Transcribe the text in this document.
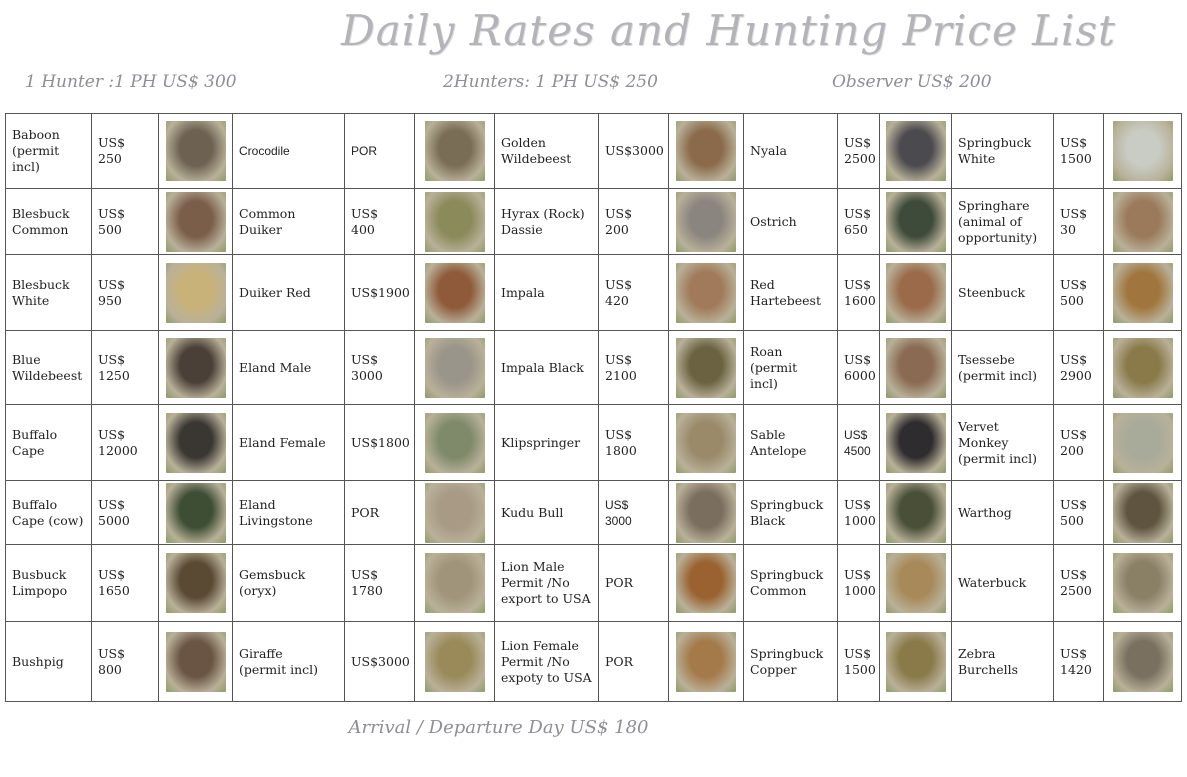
Daily Rates and Hunting Price List
1 Hunter :1 PH US$ 300	2Hunters: 1 PH US$ 250	Observer US$ 200
Baboon
(permit incl)	US$
250		Crocodile	POR		Golden
Wildebeest	US$3000		Nyala	US$
2500		Springbuck
White	US$
1500	

Blesbuck
Common	US$
500		Common
Duiker	US$
400		Hyrax (Rock)
Dassie	US$
200		Ostrich	US$
650		Springhare
(animal of
opportunity)	US$
30	

Blesbuck
White	US$
950		Duiker Red	US$1900		Impala	US$
420		Red
Hartebeest	US$
1600		Steenbuck	US$
500	

Blue
Wildebeest	US$
1250		Eland Male	US$
3000		Impala Black	US$
2100		Roan (permit
incl)	US$
6000		Tsessebe
(permit incl)	US$
2900	

Buffalo
Cape	US$
12000		Eland Female	US$1800		Klipspringer	US$
1800		Sable
Antelope	US$
4500		Vervet
Monkey
(permit incl)	US$
200	

Buffalo
Cape (cow)	US$
5000		Eland
Livingstone	POR		Kudu Bull	US$
3000		Springbuck
Black	US$
1000		Warthog	US$
500	

Busbuck
Limpopo	US$
1650		Gemsbuck
(oryx)	US$
1780		Lion Male
Permit /No
export to USA	POR		Springbuck
Common	US$
1000		Waterbuck	US$
2500	

Bushpig	US$
800		Giraffe
(permit incl)	US$3000		Lion Female
Permit /No
expoty to USA	POR		Springbuck
Copper	US$
1500		Zebra
Burchells	US$
1420	

Arrival / Departure Day US$ 180
